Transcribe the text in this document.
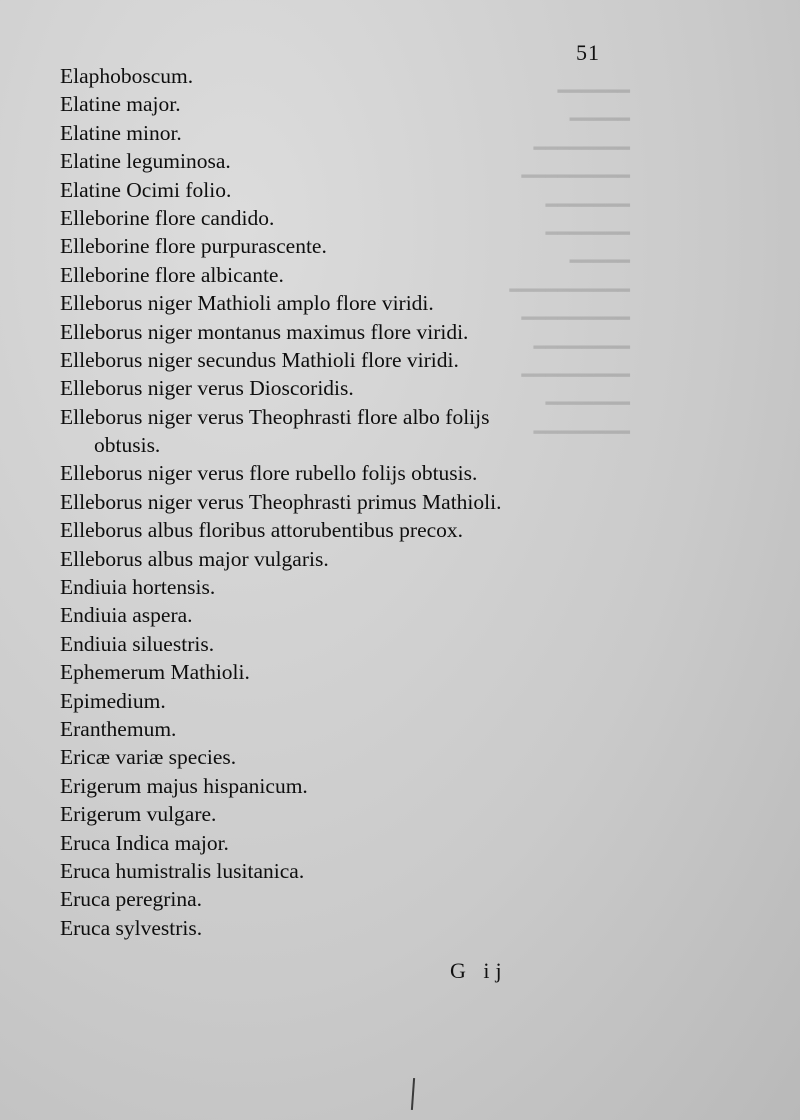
━━━━━━
━━━━━
━━━━━━━━
━━━━━━━━━
━━━━━━━
━━━━━━━
━━━━━
━━━━━━━━━━
━━━━━━━━━
━━━━━━━━
━━━━━━━━━
━━━━━━━
━━━━━━━━
51
Elaphoboscum.
Elatine major.
Elatine minor.
Elatine leguminosa.
Elatine Ocimi folio.
Elleborine flore candido.
Elleborine flore purpurascente.
Elleborine flore albicante.
Elleborus niger Mathioli amplo flore viridi.
Elleborus niger montanus maximus flore viridi.
Elleborus niger secundus Mathioli flore viridi.
Elleborus niger verus Dioscoridis.
Elleborus niger verus Theophrasti flore albo folijs
obtusis.
Elleborus niger verus flore rubello folijs obtusis.
Elleborus niger verus Theophrasti primus Mathioli.
Elleborus albus floribus attorubentibus precox.
Elleborus albus major vulgaris.
Endiuia hortensis.
Endiuia aspera.
Endiuia siluestris.
Ephemerum Mathioli.
Epimedium.
Eranthemum.
Ericæ variæ species.
Erigerum majus hispanicum.
Erigerum vulgare.
Eruca Indica major.
Eruca humistralis lusitanica.
Eruca peregrina.
Eruca sylvestris.
G ij
